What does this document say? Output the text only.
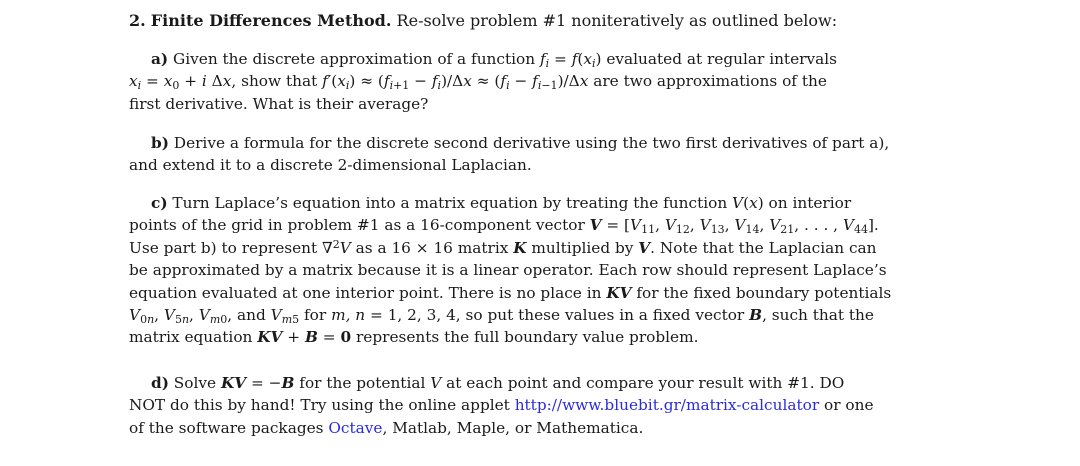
2. Finite Differences Method. Re-solve problem #1 noniteratively as outlined below:
a) Given the discrete approximation of a function $f_i = f(x_i)$ evaluated at regular intervals
$x_i = x_0 + i$ Δx, show that $f'(x_i) \approx (f_{i+1} - f_i)/\Delta x \approx (f_i - f_{i-1})/\Delta x$ are two approximations of the
first derivative. What is their average?
b) Derive a formula for the discrete second derivative using the two first derivatives of part a),
and extend it to a discrete 2-dimensional Laplacian.
c) Turn Laplace’s equation into a matrix equation by treating the function V(x) on interior
points of the grid in problem #1 as a 16-component vector $V = [V_{11}$, $V_{12}$, $V_{13}$, $V_{14}$, $V_{21}$, . . . , $V_{44}$].
Use part b) to represent ∇$^2$V as a 16 × 16 matrix K multiplied by V. Note that the Laplacian can
be approximated by a matrix because it is a linear operator. Each row should represent Laplace’s
equation evaluated at one interior point. There is no place in KV for the fixed boundary potentials
$V_{0n}$, $V_{5n}$, $V_{m0}$, and $V_{m5}$ for m, n = 1, 2, 3, 4, so put these values in a fixed vector B, such that the
matrix equation KV + B = 0 represents the full boundary value problem.
d) Solve KV = −B for the potential V at each point and compare your result with #1. DO
NOT do this by hand! Try using the online applet http://www.bluebit.gr/matrix-calculator or one
of the software packages Octave, Matlab, Maple, or Mathematica.
